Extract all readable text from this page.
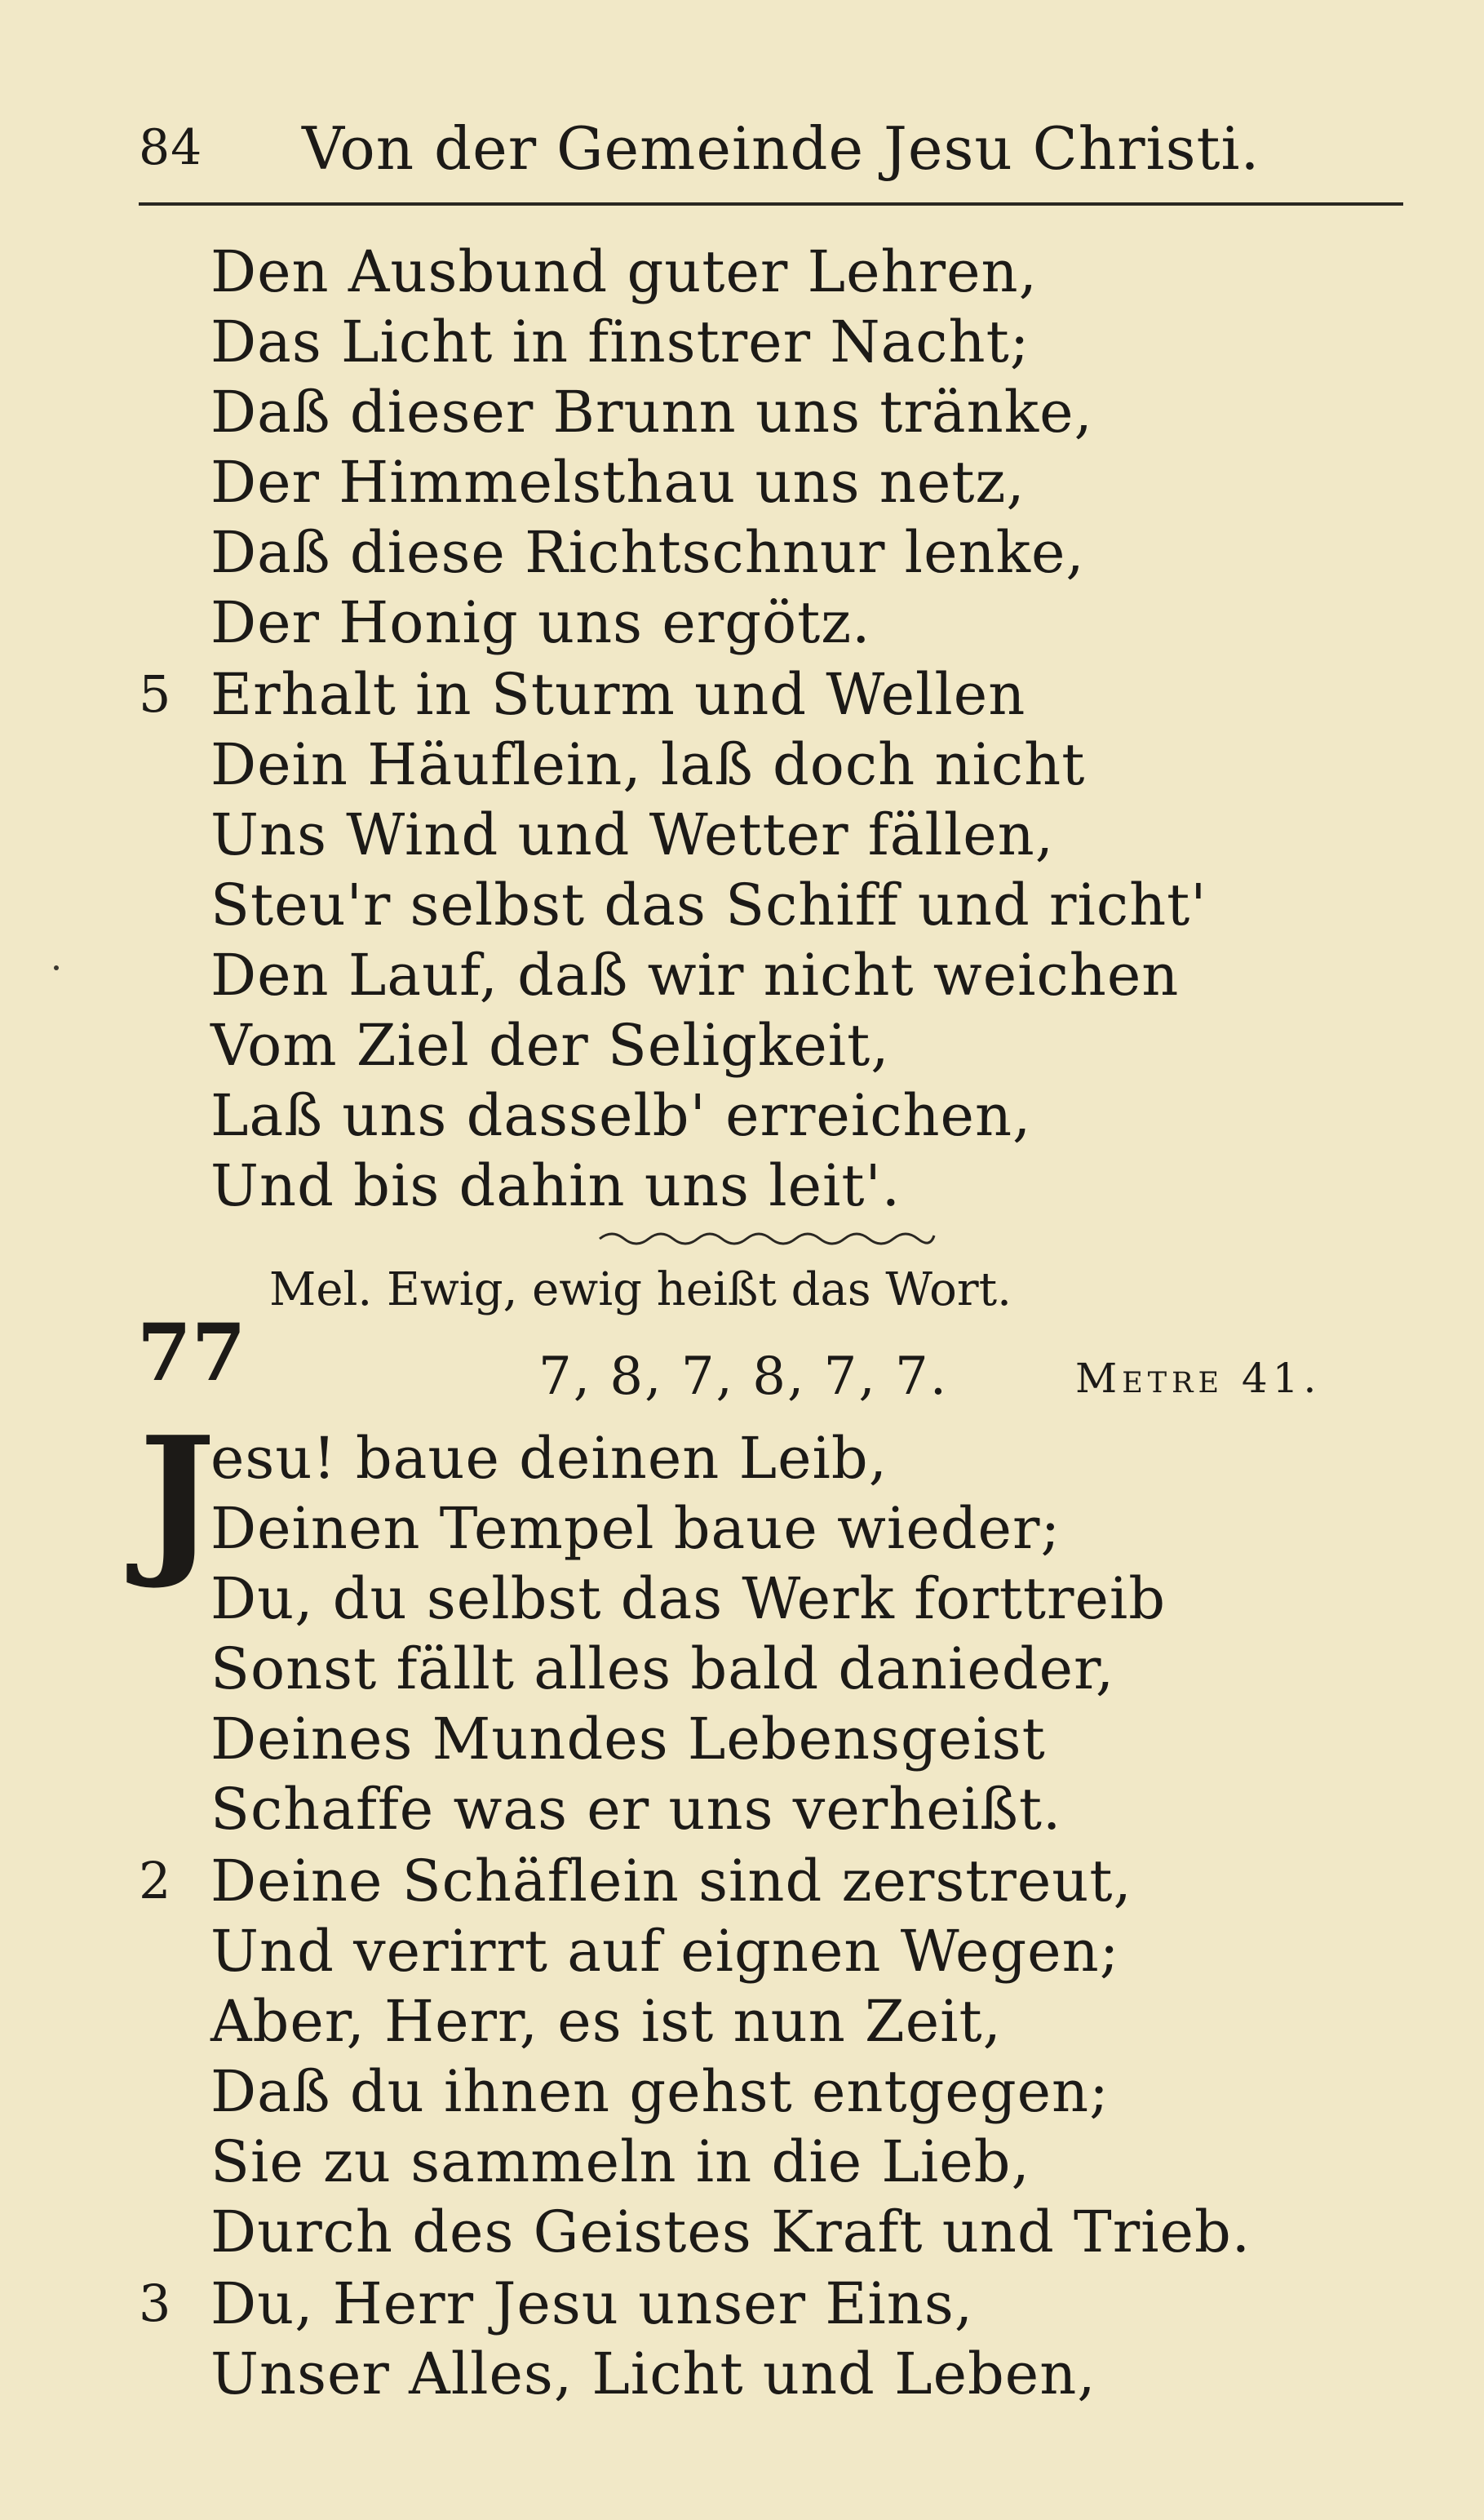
84 Von der Gemeinde Jesu Christi.
Den Ausbund guter Lehren,
Das Licht in finstrer Nacht;
Daß dieser Brunn uns tränke,
Der Himmelsthau uns netz,
Daß diese Richtschnur lenke,
Der Honig uns ergötz.
5 Erhalt in Sturm und Wellen
Dein Häuflein, laß doch nicht
Uns Wind und Wetter fällen,
Steu'r selbst das Schiff und richt'
Den Lauf, daß wir nicht weichen
Vom Ziel der Seligkeit,
Laß uns dasselb' erreichen,
Und bis dahin uns leit'.
Mel. Ewig, ewig heißt das Wort.
77	7, 8, 7, 8, 7, 7.	Metre 41.
J
esu! baue deinen Leib,
Deinen Tempel baue wieder;
Du, du selbst das Werk forttreib
Sonst fällt alles bald danieder,
Deines Mundes Lebensgeist
Schaffe was er uns verheißt.
2 Deine Schäflein sind zerstreut,
Und verirrt auf eignen Wegen;
Aber, Herr, es ist nun Zeit,
Daß du ihnen gehst entgegen;
Sie zu sammeln in die Lieb,
Durch des Geistes Kraft und Trieb.
3 Du, Herr Jesu unser Eins,
Unser Alles, Licht und Leben,
